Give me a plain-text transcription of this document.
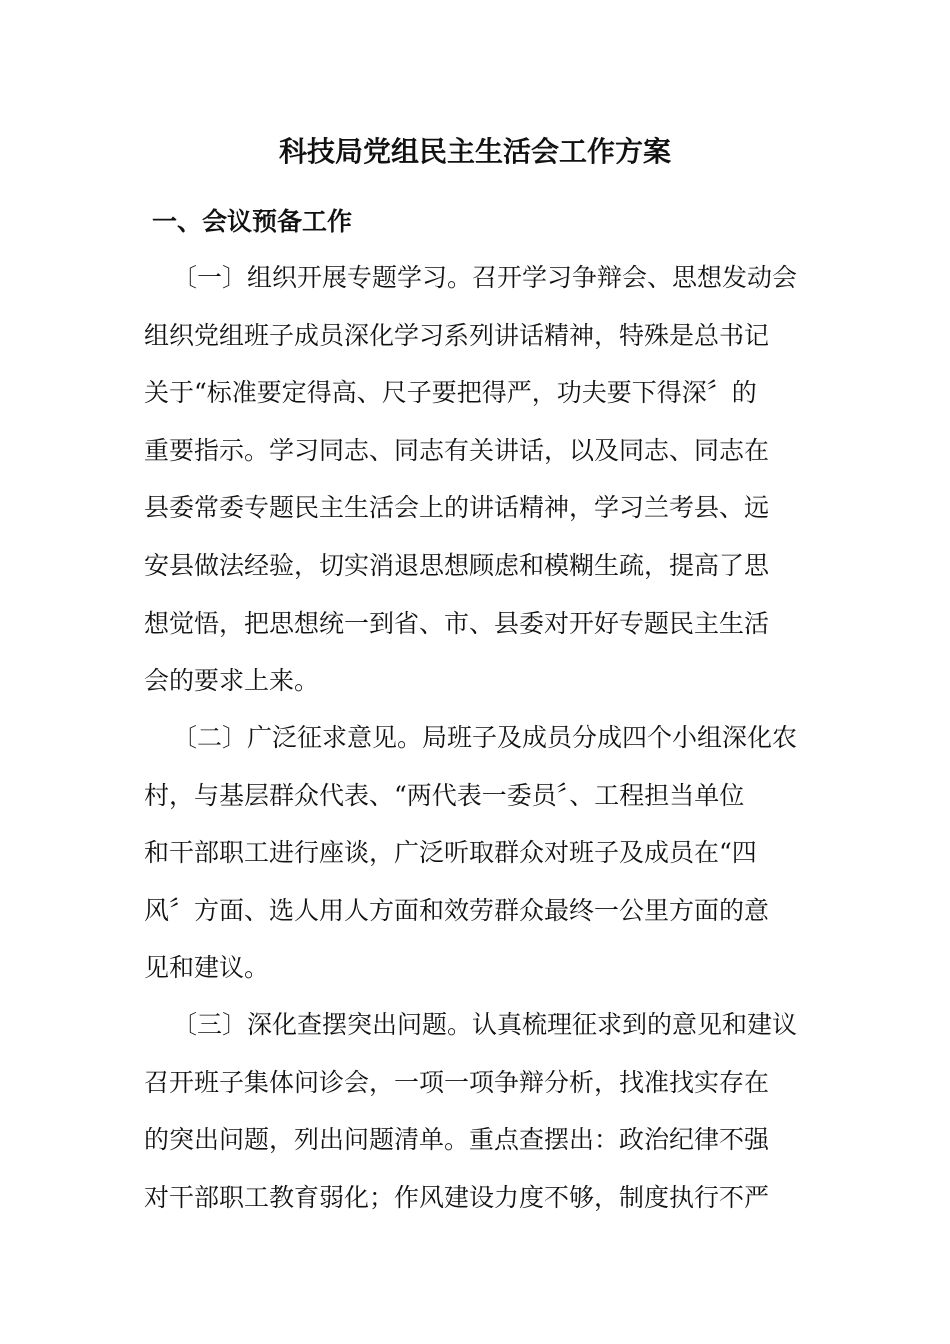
科技局党组民主生活会工作方案
一、会议预备工作
〔一〕组织开展专题学习。召开学习争辩会、思想发动会
组织党组班子成员深化学习系列讲话精神，特殊是总书记
关于“标准要定得高、尺子要把得严，功夫要下得深〞的
重要指示。学习同志、同志有关讲话，以及同志、同志在
县委常委专题民主生活会上的讲话精神，学习兰考县、远
安县做法经验，切实消退思想顾虑和模糊生疏，提高了思
想觉悟，把思想统一到省、市、县委对开好专题民主生活
会的要求上来。
〔二〕广泛征求意见。局班子及成员分成四个小组深化农
村，与基层群众代表、“两代表一委员〞、工程担当单位
和干部职工进行座谈，广泛听取群众对班子及成员在“四
风〞方面、选人用人方面和效劳群众最终一公里方面的意
见和建议。
〔三〕深化查摆突出问题。认真梳理征求到的意见和建议
召开班子集体问诊会，一项一项争辩分析，找准找实存在
的突出问题，列出问题清单。重点查摆出：政治纪律不强
对干部职工教育弱化；作风建设力度不够，制度执行不严
